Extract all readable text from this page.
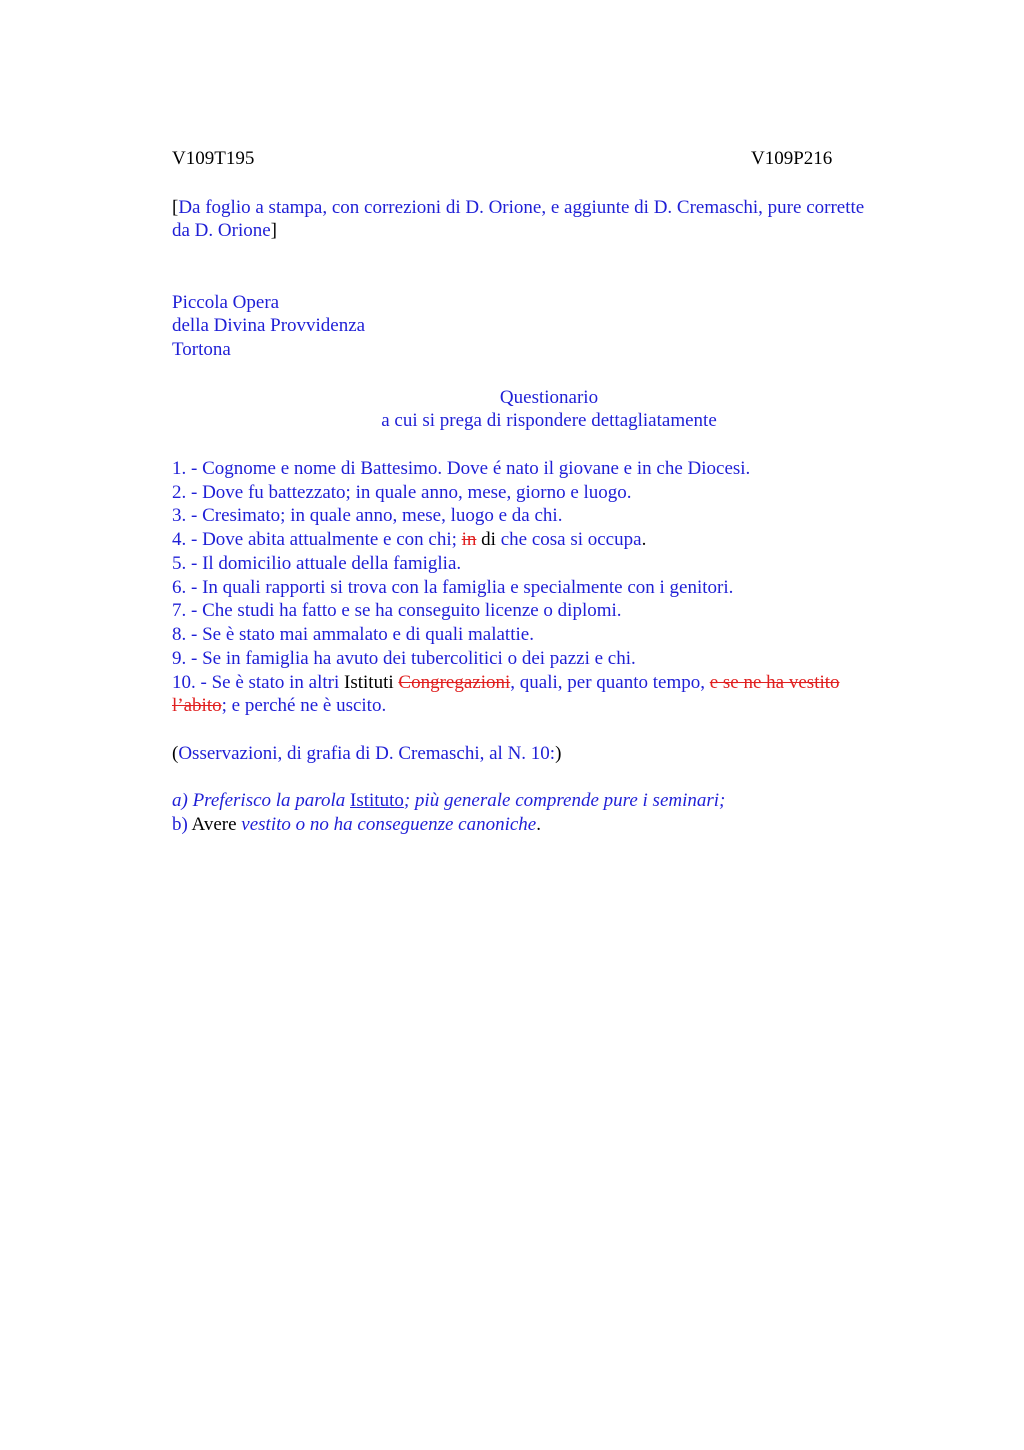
V109T195	V109P216
[Da foglio a stampa, con correzioni di D. Orione, e aggiunte di D. Cremaschi, pure corrette
da D. Orione]
Piccola Opera
della Divina Provvidenza
Tortona
Questionario
a cui si prega di rispondere dettagliatamente
1. - Cognome e nome di Battesimo. Dove é nato il giovane e in che Diocesi.
2. - Dove fu battezzato; in quale anno, mese, giorno e luogo.
3. - Cresimato; in quale anno, mese, luogo e da chi.
4. - Dove abita attualmente e con chi; in di che cosa si occupa.
5. - Il domicilio attuale della famiglia.
6. - In quali rapporti si trova con la famiglia e specialmente con i genitori.
7. - Che studi ha fatto e se ha conseguito licenze o diplomi.
8. - Se è stato mai ammalato e di quali malattie.
9. - Se in famiglia ha avuto dei tubercolitici o dei pazzi e chi.
10. - Se è stato in altri Istituti Congregazioni, quali, per quanto tempo, e se ne ha vestito
l’abito; e perché ne è uscito.
(Osservazioni, di grafia di D. Cremaschi, al N. 10:)
a) Preferisco la parola Istituto; più generale comprende pure i seminari;
b) Avere vestito o no ha conseguenze canoniche.
